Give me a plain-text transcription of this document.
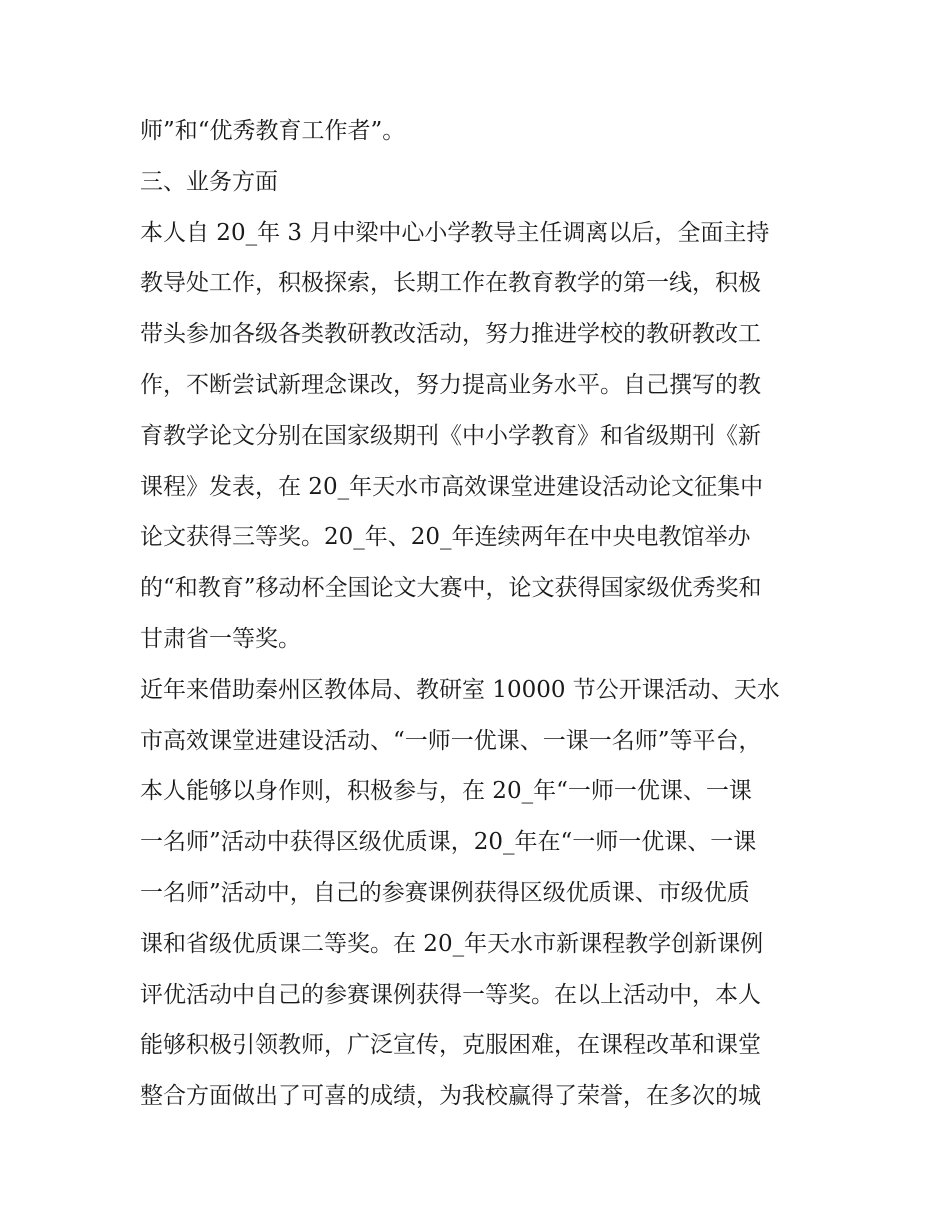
师”和“优秀教育工作者”。
三、业务方面
本人自 20_年 3 月中梁中心小学教导主任调离以后，全面主持
教导处工作，积极探索，长期工作在教育教学的第一线，积极
带头参加各级各类教研教改活动，努力推进学校的教研教改工
作，不断尝试新理念课改，努力提高业务水平。自己撰写的教
育教学论文分别在国家级期刊《中小学教育》和省级期刊《新
课程》发表，在 20_年天水市高效课堂进建设活动论文征集中
论文获得三等奖。20_年、20_年连续两年在中央电教馆举办
的“和教育”移动杯全国论文大赛中，论文获得国家级优秀奖和
甘肃省一等奖。
近年来借助秦州区教体局、教研室 10000 节公开课活动、天水
市高效课堂进建设活动、“一师一优课、一课一名师”等平台，
本人能够以身作则，积极参与，在 20_年“一师一优课、一课
一名师”活动中获得区级优质课，20_年在“一师一优课、一课
一名师”活动中，自己的参赛课例获得区级优质课、市级优质
课和省级优质课二等奖。在 20_年天水市新课程教学创新课例
评优活动中自己的参赛课例获得一等奖。在以上活动中，本人
能够积极引领教师，广泛宣传，克服困难，在课程改革和课堂
整合方面做出了可喜的成绩，为我校赢得了荣誉，在多次的城
